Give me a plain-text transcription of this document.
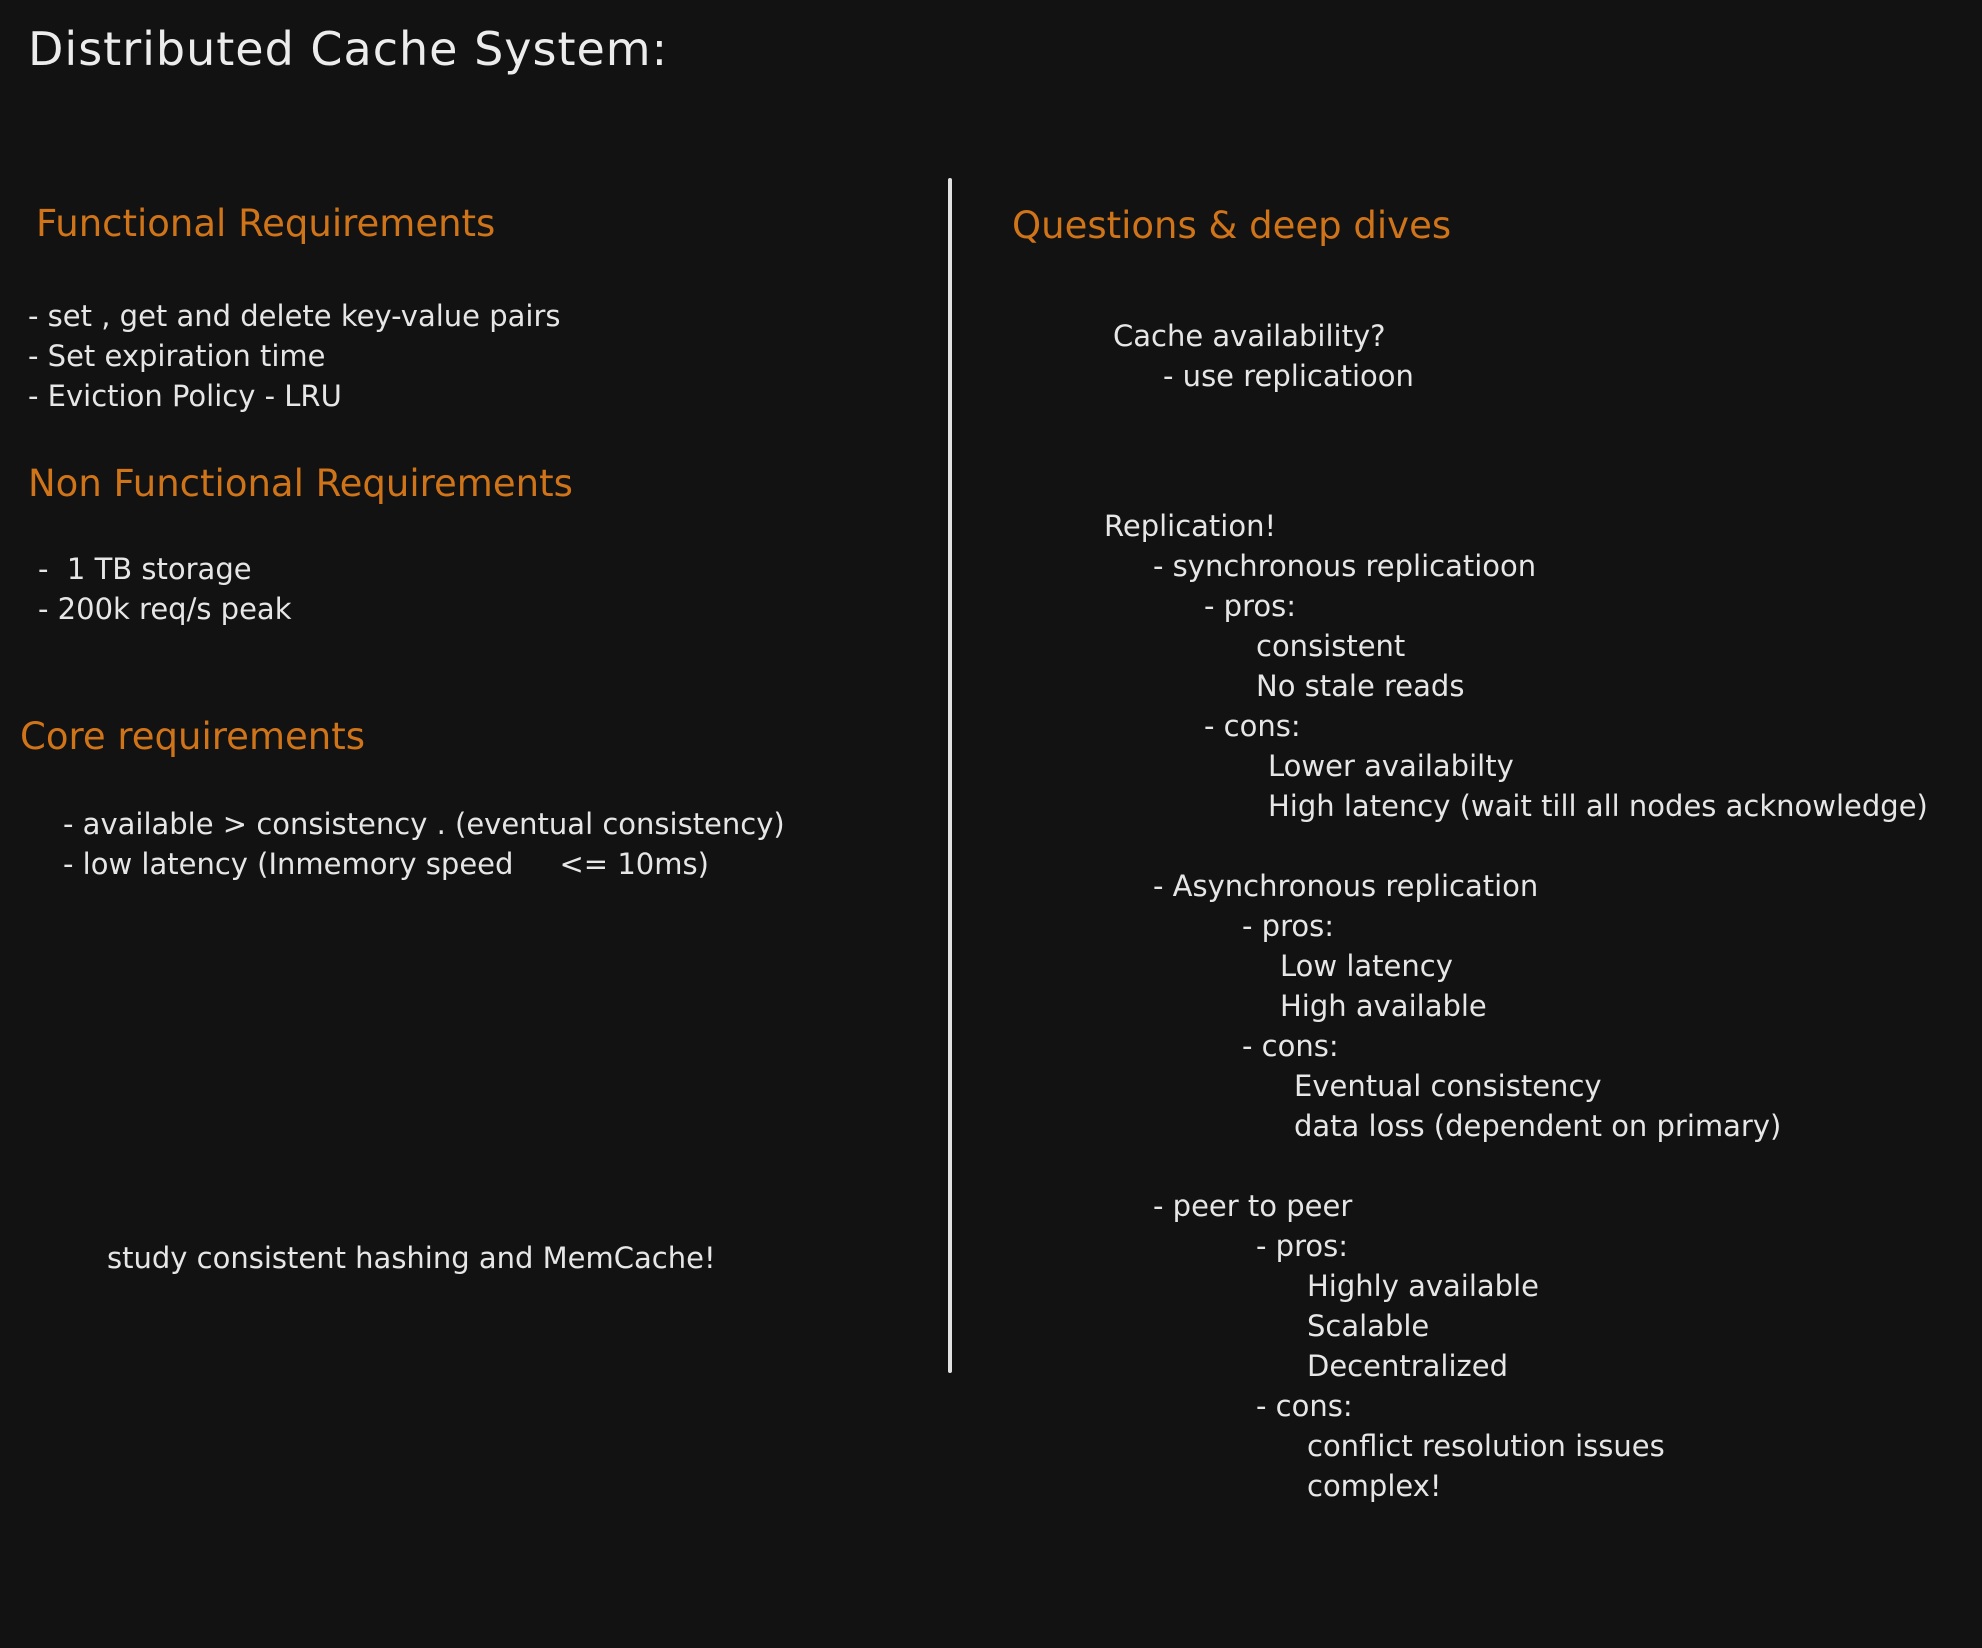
Distributed Cache System:
Functional Requirements
- set , get and delete key-value pairs
- Set expiration time
- Eviction Policy - LRU
Non Functional Requirements
-  1 TB storage
- 200k req/s peak
Core requirements
- available > consistency . (eventual consistency)
- low latency (Inmemory speed     <= 10ms)
study consistent hashing and MemCache!
Questions & deep dives
Cache availability?
- use replicatioon
Replication!
- synchronous replicatioon
- pros:
consistent
No stale reads
- cons:
Lower availabilty
High latency (wait till all nodes acknowledge)
- Asynchronous replication
- pros:
Low latency
High available
- cons:
Eventual consistency
data loss (dependent on primary)
- peer to peer
- pros:
Highly available
Scalable
Decentralized
- cons:
conflict resolution issues
complex!
